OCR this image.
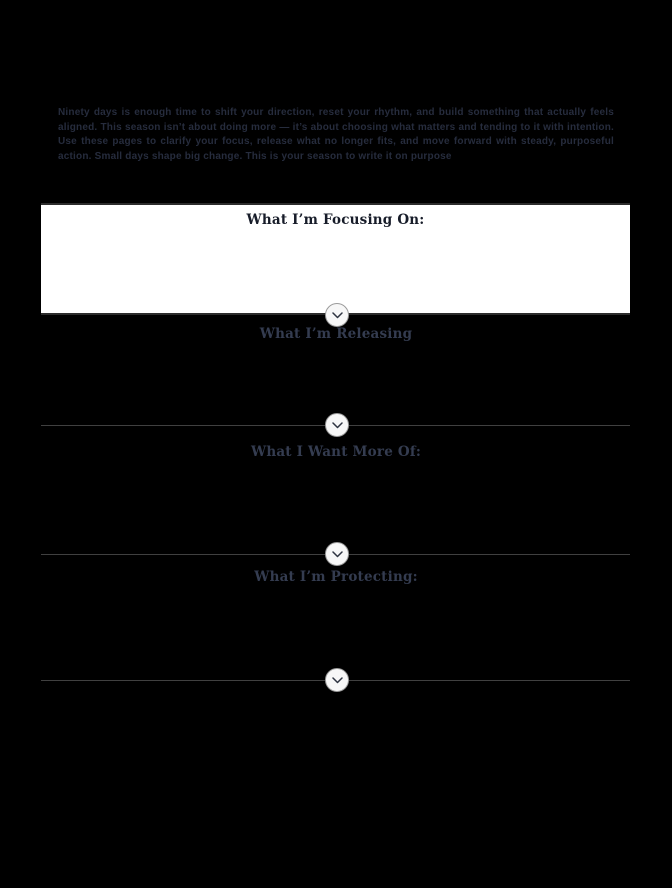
Ninety days is enough time to shift your direction, reset your rhythm, and build something that actually feels aligned. This season isn’t about doing more — it’s about choosing what matters and tending to it with intention. Use these pages to clarify your focus, release what no longer fits, and move forward with steady, purposeful action. Small days shape big change. This is your season to write it on purpose

What I’m Focusing On:
What I’m Releasing
What I Want More Of:
What I’m Protecting:
